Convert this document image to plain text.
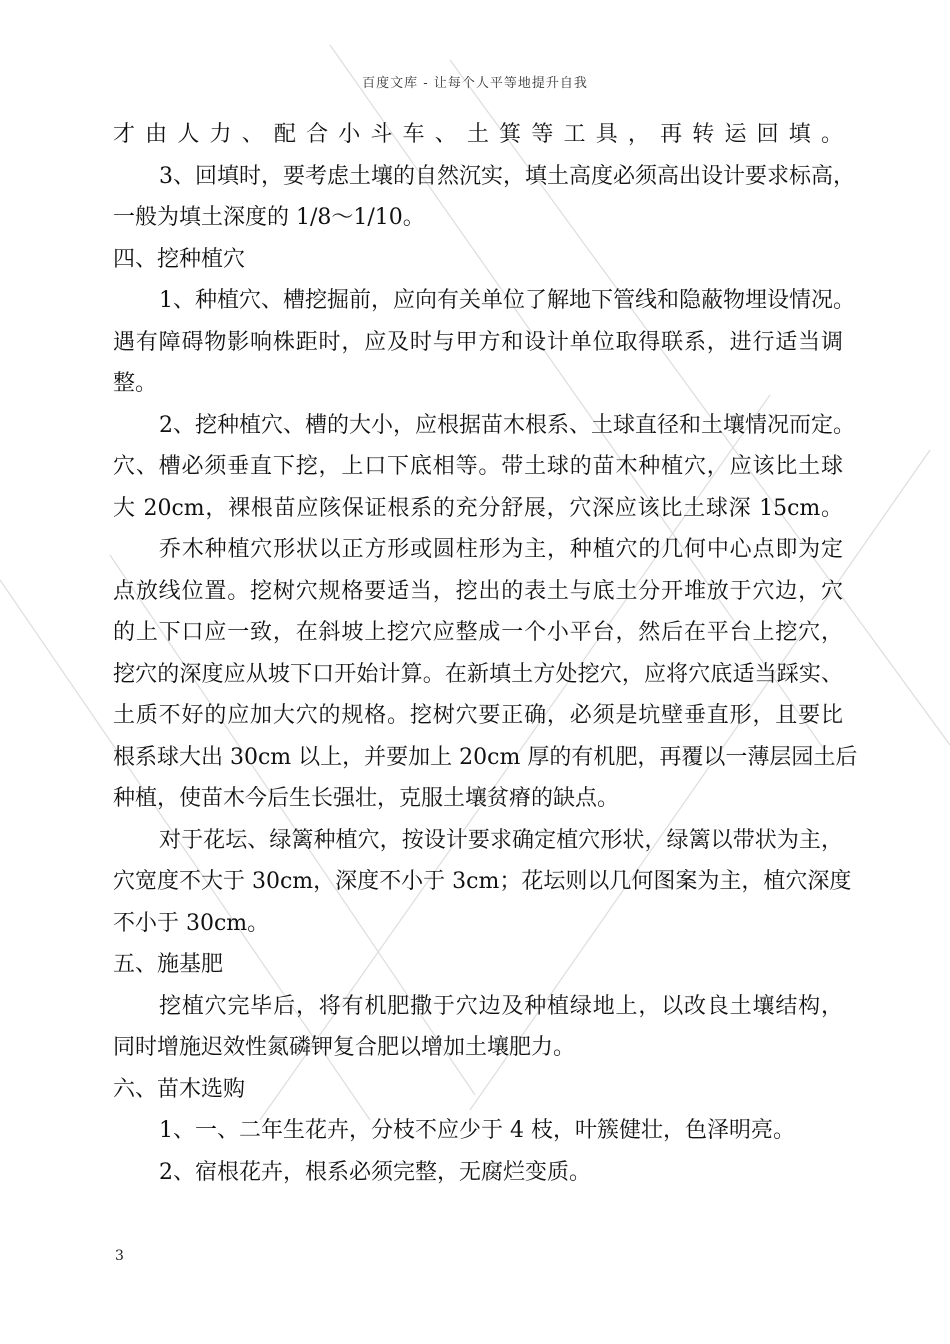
百度文库 - 让每个人平等地提升自我
才由人力、配合小斗车、土箕等工具，再转运回填。
3、回填时，要考虑土壤的自然沉实，填土高度必须高出设计要求标高，
一般为填土深度的 1/8～1/10。
四、挖种植穴
1、种植穴、槽挖掘前，应向有关单位了解地下管线和隐蔽物埋设情况。
遇有障碍物影响株距时，应及时与甲方和设计单位取得联系，进行适当调
整。
2、挖种植穴、槽的大小，应根据苗木根系、土球直径和土壤情况而定。
穴、槽必须垂直下挖，上口下底相等。带土球的苗木种植穴，应该比土球
大 20cm，裸根苗应陔保证根系的充分舒展，穴深应该比土球深 15cm。
乔木种植穴形状以正方形或圆柱形为主，种植穴的几何中心点即为定
点放线位置。挖树穴规格要适当，挖出的表土与底土分开堆放于穴边，穴
的上下口应一致，在斜坡上挖穴应整成一个小平台，然后在平台上挖穴，
挖穴的深度应从坡下口开始计算。在新填土方处挖穴，应将穴底适当踩实、
土质不好的应加大穴的规格。挖树穴要正确，必须是坑壁垂直形，且要比
根系球大出 30cm 以上，并要加上 20cm 厚的有机肥，再覆以一薄层园土后
种植，使苗木今后生长强壮，克服土壤贫瘠的缺点。
对于花坛、绿篱种植穴，按设计要求确定植穴形状，绿篱以带状为主，
穴宽度不大于 30cm，深度不小于 3cm；花坛则以几何图案为主，植穴深度
不小于 30cm。
五、施基肥
挖植穴完毕后，将有机肥撒于穴边及种植绿地上，以改良土壤结构，
同时增施迟效性氮磷钾复合肥以增加土壤肥力。
六、苗木选购
1、一、二年生花卉，分枝不应少于 4 枝，叶簇健壮，色泽明亮。
2、宿根花卉，根系必须完整，无腐烂变质。
3
